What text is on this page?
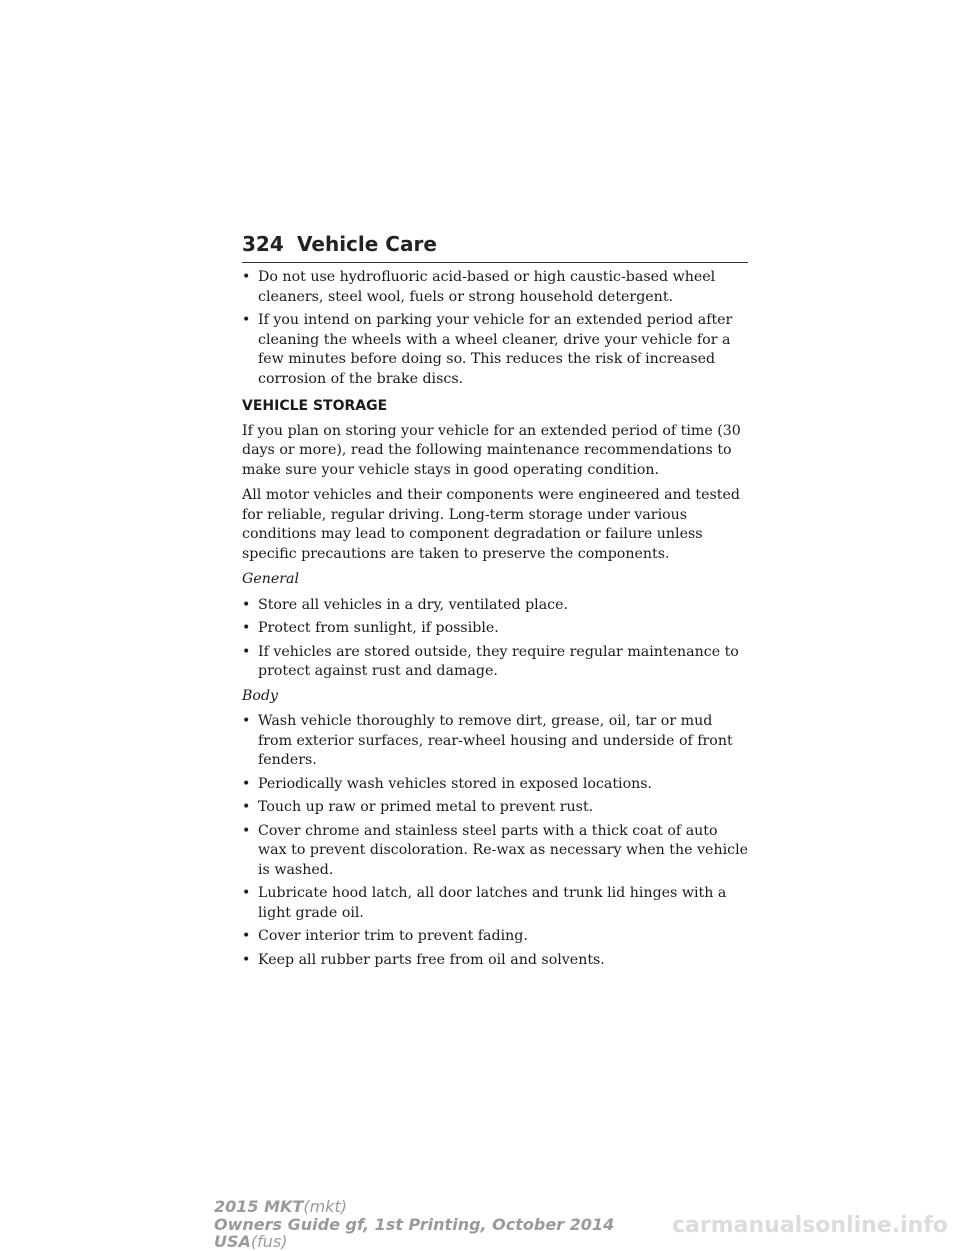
324 Vehicle Care
• Do not use hydrofluoric acid-based or high caustic-based wheel cleaners, steel wool, fuels or strong household detergent.
• If you intend on parking your vehicle for an extended period after cleaning the wheels with a wheel cleaner, drive your vehicle for a few minutes before doing so. This reduces the risk of increased corrosion of the brake discs.
VEHICLE STORAGE

If you plan on storing your vehicle for an extended period of time (30 days or more), read the following maintenance recommendations to make sure your vehicle stays in good operating condition.

All motor vehicles and their components were engineered and tested for reliable, regular driving. Long-term storage under various conditions may lead to component degradation or failure unless specific precautions are taken to preserve the components.

General
• Store all vehicles in a dry, ventilated place.
• Protect from sunlight, if possible.
• If vehicles are stored outside, they require regular maintenance to protect against rust and damage.
Body
• Wash vehicle thoroughly to remove dirt, grease, oil, tar or mud from exterior surfaces, rear-wheel housing and underside of front fenders.
• Periodically wash vehicles stored in exposed locations.
• Touch up raw or primed metal to prevent rust.
• Cover chrome and stainless steel parts with a thick coat of auto wax to prevent discoloration. Re-wax as necessary when the vehicle is washed.
• Lubricate hood latch, all door latches and trunk lid hinges with a light grade oil.
• Cover interior trim to prevent fading.
• Keep all rubber parts free from oil and solvents.
2015 MKT(mkt)
Owners Guide gf, 1st Printing, October 2014
USA(fus)
carmanualsonline.info
